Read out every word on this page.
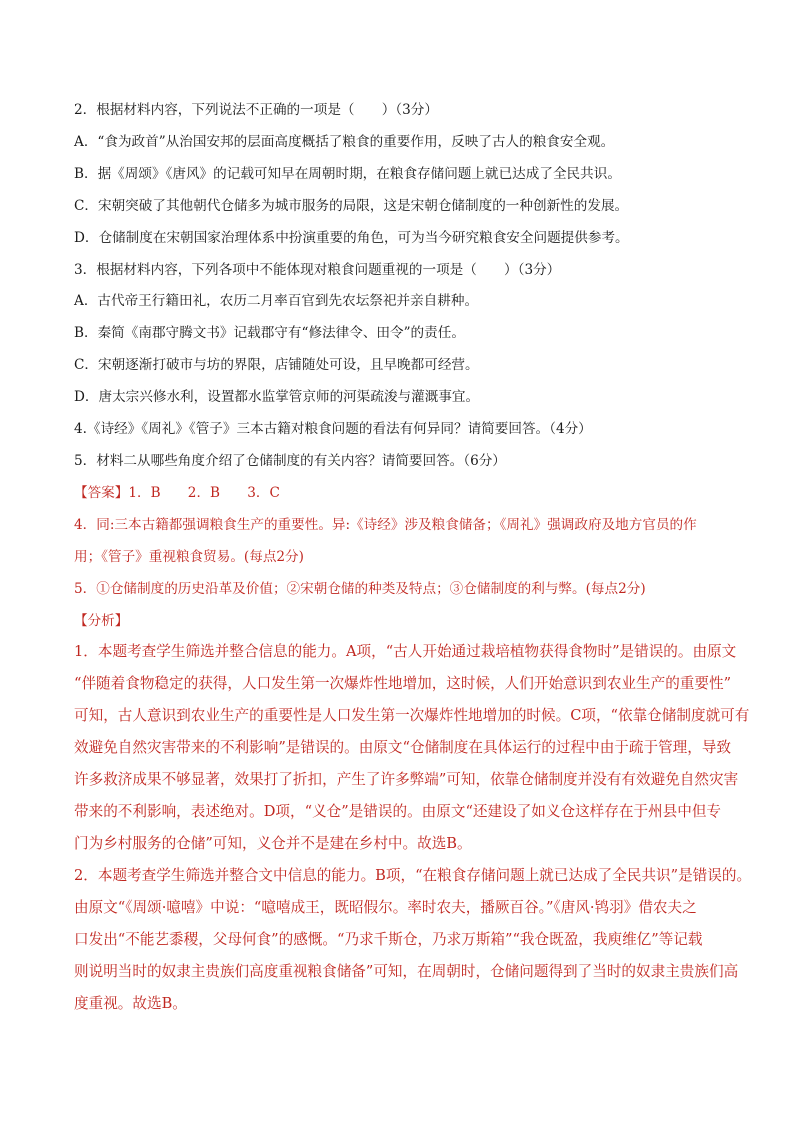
2．根据材料内容，下列说法不正确的一项是（　　）（3分）
A．“食为政首”从治国安邦的层面高度概括了粮食的重要作用，反映了古人的粮食安全观。
B．据《周颂》《唐风》的记载可知早在周朝时期，在粮食存储问题上就已达成了全民共识。
C．宋朝突破了其他朝代仓储多为城市服务的局限，这是宋朝仓储制度的一种创新性的发展。
D．仓储制度在宋朝国家治理体系中扮演重要的角色，可为当今研究粮食安全问题提供参考。
3．根据材料内容，下列各项中不能体现对粮食问题重视的一项是（　　）（3分）
A．古代帝王行籍田礼，农历二月率百官到先农坛祭祀并亲自耕种。
B．秦简《南郡守腾文书》记载郡守有“修法律令、田令”的责任。
C．宋朝逐渐打破市与坊的界限，店铺随处可设，且早晚都可经营。
D．唐太宗兴修水利，设置都水监掌管京师的河渠疏浚与灌溉事宜。
4.《诗经》《周礼》《管子》三本古籍对粮食问题的看法有何异同？请简要回答。（4分）
5．材料二从哪些角度介绍了仓储制度的有关内容？请简要回答。（6分）
【答案】1．B　　2．B　　3．C
4．同:三本古籍都强调粮食生产的重要性。异:《诗经》涉及粮食储备；《周礼》强调政府及地方官员的作
用；《管子》重视粮食贸易。(每点2分)
5．①仓储制度的历史沿革及价值；②宋朝仓储的种类及特点；③仓储制度的利与弊。(每点2分)
【分析】
1．本题考查学生筛选并整合信息的能力。A项，“古人开始通过栽培植物获得食物时”是错误的。由原文
“伴随着食物稳定的获得，人口发生第一次爆炸性地增加，这时候，人们开始意识到农业生产的重要性”
可知，古人意识到农业生产的重要性是人口发生第一次爆炸性地增加的时候。C项，“依靠仓储制度就可有
效避免自然灾害带来的不利影响”是错误的。由原文“仓储制度在具体运行的过程中由于疏于管理，导致
许多救济成果不够显著，效果打了折扣，产生了许多弊端”可知，依靠仓储制度并没有有效避免自然灾害
带来的不利影响，表述绝对。D项，“义仓”是错误的。由原文“还建设了如义仓这样存在于州县中但专
门为乡村服务的仓储”可知，义仓并不是建在乡村中。故选B。
2．本题考查学生筛选并整合文中信息的能力。B项，“在粮食存储问题上就已达成了全民共识”是错误的。
由原文“《周颂·噫嘻》中说：“噫嘻成王，既昭假尔。率时农夫，播厥百谷。”《唐风·鸨羽》借农夫之
口发出“不能艺黍稷，父母何食”的感慨。“乃求千斯仓，乃求万斯箱”“我仓既盈，我庾维亿”等记载
则说明当时的奴隶主贵族们高度重视粮食储备”可知，在周朝时，仓储问题得到了当时的奴隶主贵族们高
度重视。故选B。
